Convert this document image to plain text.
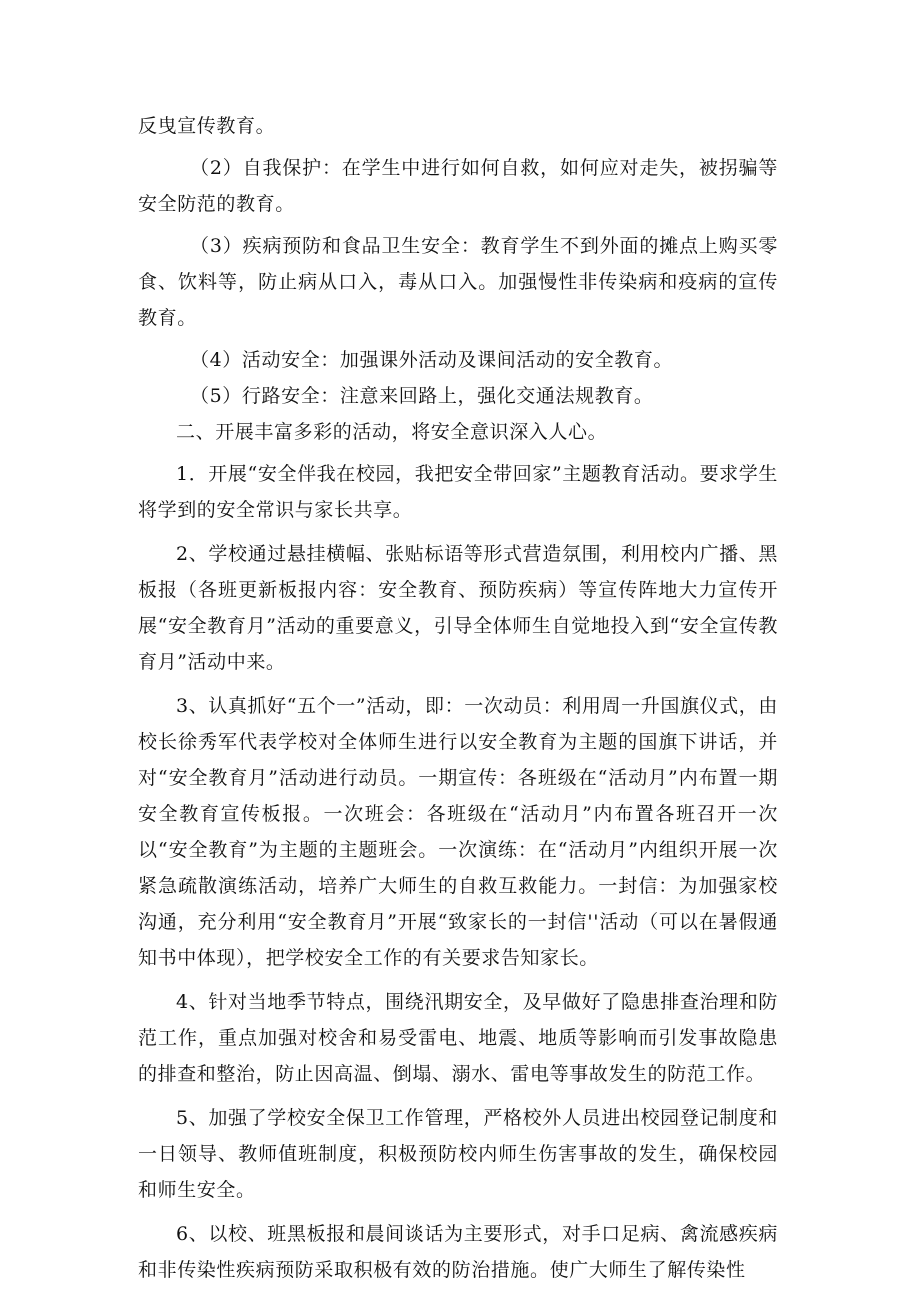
反曳宣传教育。

（2）自我保护：在学生中进行如何自救，如何应对走失，被拐骗等安全防范的教育。

（3）疾病预防和食品卫生安全：教育学生不到外面的摊点上购买零食、饮料等，防止病从口入，毒从口入。加强慢性非传染病和疫病的宣传教育。

（4）活动安全：加强课外活动及课间活动的安全教育。

（5）行路安全：注意来回路上，强化交通法规教育。

二、开展丰富多彩的活动，将安全意识深入人心。

1．开展“安全伴我在校园，我把安全带回家”主题教育活动。要求学生将学到的安全常识与家长共享。

2、学校通过悬挂横幅、张贴标语等形式营造氛围，利用校内广播、黑板报（各班更新板报内容：安全教育、预防疾病）等宣传阵地大力宣传开展“安全教育月”活动的重要意义，引导全体师生自觉地投入到“安全宣传教育月”活动中来。

3、认真抓好“五个一”活动，即：一次动员：利用周一升国旗仪式，由校长徐秀军代表学校对全体师生进行以安全教育为主题的国旗下讲话，并对“安全教育月”活动进行动员。一期宣传：各班级在“活动月”内布置一期安全教育宣传板报。一次班会：各班级在“活动月”内布置各班召开一次以“安全教育”为主题的主题班会。一次演练：在“活动月”内组织开展一次紧急疏散演练活动，培养广大师生的自救互救能力。一封信：为加强家校沟通，充分利用“安全教育月”开展“致家长的一封信''活动（可以在暑假通知书中体现），把学校安全工作的有关要求告知家长。

4、针对当地季节特点，围绕汛期安全，及早做好了隐患排查治理和防范工作，重点加强对校舍和易受雷电、地震、地质等影响而引发事故隐患的排查和整治，防止因高温、倒塌、溺水、雷电等事故发生的防范工作。

5、加强了学校安全保卫工作管理，严格校外人员进出校园登记制度和一日领导、教师值班制度，积极预防校内师生伤害事故的发生，确保校园和师生安全。

6、以校、班黑板报和晨间谈话为主要形式，对手口足病、禽流感疾病和非传染性疾病预防采取积极有效的防治措施。使广大师生了解传染性
